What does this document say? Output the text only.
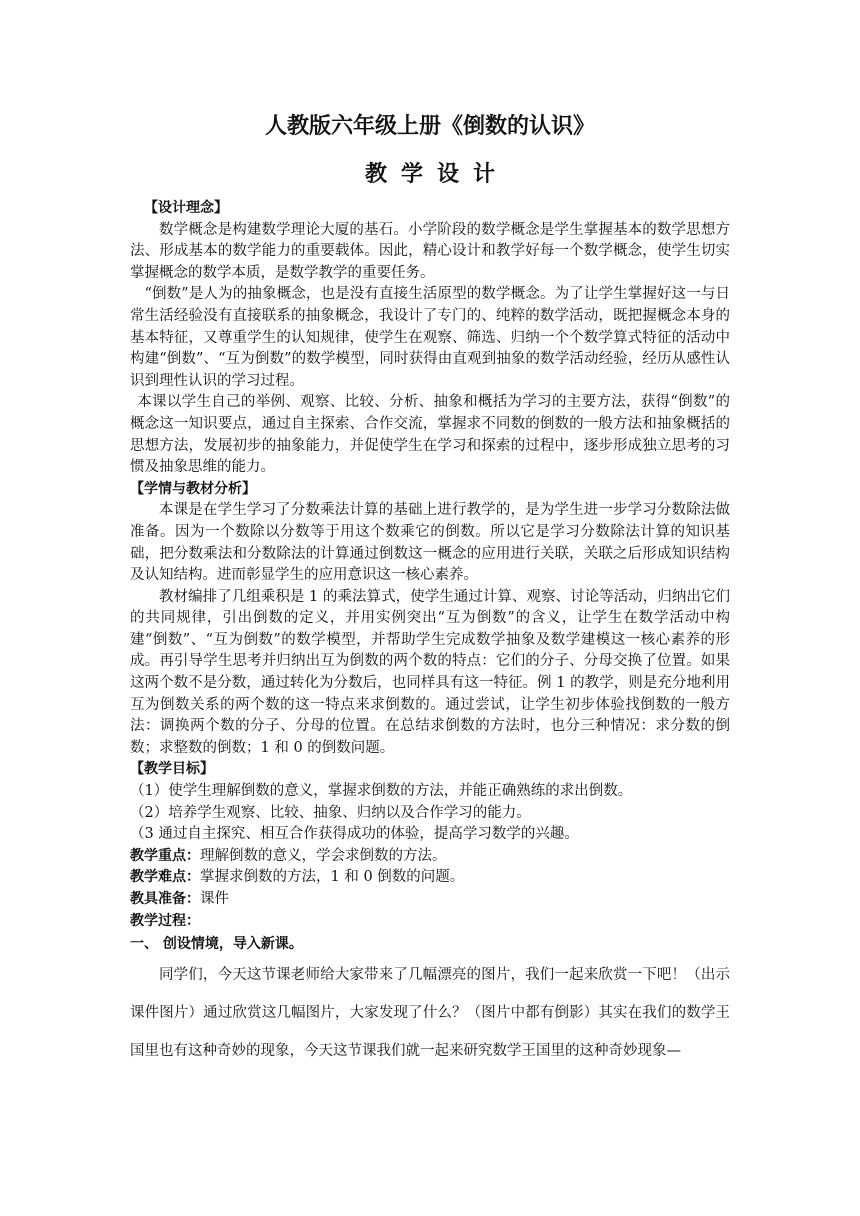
人教版六年级上册《倒数的认识》
教学设计

【设计理念】

数学概念是构建数学理论大厦的基石。小学阶段的数学概念是学生掌握基本的数学思想方法、形成基本的数学能力的重要载体。因此，精心设计和教学好每一个数学概念，使学生切实掌握概念的数学本质，是数学教学的重要任务。

“倒数”是人为的抽象概念，也是没有直接生活原型的数学概念。为了让学生掌握好这一与日常生活经验没有直接联系的抽象概念，我设计了专门的、纯粹的数学活动，既把握概念本身的基本特征，又尊重学生的认知规律，使学生在观察、筛选、归纳一个个数学算式特征的活动中构建“倒数”、“互为倒数”的数学模型，同时获得由直观到抽象的数学活动经验，经历从感性认识到理性认识的学习过程。

本课以学生自己的举例、观察、比较、分析、抽象和概括为学习的主要方法，获得“倒数”的概念这一知识要点，通过自主探索、合作交流，掌握求不同数的倒数的一般方法和抽象概括的思想方法，发展初步的抽象能力，并促使学生在学习和探索的过程中，逐步形成独立思考的习惯及抽象思维的能力。

【学情与教材分析】

本课是在学生学习了分数乘法计算的基础上进行教学的，是为学生进一步学习分数除法做准备。因为一个数除以分数等于用这个数乘它的倒数。所以它是学习分数除法计算的知识基础，把分数乘法和分数除法的计算通过倒数这一概念的应用进行关联，关联之后形成知识结构及认知结构。进而彰显学生的应用意识这一核心素养。

教材编排了几组乘积是 1 的乘法算式，使学生通过计算、观察、讨论等活动，归纳出它们的共同规律，引出倒数的定义，并用实例突出“互为倒数”的含义，让学生在数学活动中构建“倒数”、“互为倒数”的数学模型，并帮助学生完成数学抽象及数学建模这一核心素养的形成。再引导学生思考并归纳出互为倒数的两个数的特点：它们的分子、分母交换了位置。如果这两个数不是分数，通过转化为分数后，也同样具有这一特征。例 1 的教学，则是充分地利用互为倒数关系的两个数的这一特点来求倒数的。通过尝试，让学生初步体验找倒数的一般方法：调换两个数的分子、分母的位置。在总结求倒数的方法时，也分三种情况：求分数的倒数；求整数的倒数；1 和 0 的倒数问题。

【教学目标】

（1）使学生理解倒数的意义，掌握求倒数的方法，并能正确熟练的求出倒数。

（2）培养学生观察、比较、抽象、归纳以及合作学习的能力。

（3 通过自主探究、相互合作获得成功的体验，提高学习数学的兴趣。

教学重点：理解倒数的意义，学会求倒数的方法。

教学难点：掌握求倒数的方法，1 和 0 倒数的问题。

教具准备：课件

教学过程：

一、 创设情境，导入新课。

同学们，今天这节课老师给大家带来了几幅漂亮的图片，我们一起来欣赏一下吧！（出示课件图片）通过欣赏这几幅图片，大家发现了什么？（图片中都有倒影）其实在我们的数学王国里也有这种奇妙的现象，今天这节课我们就一起来研究数学王国里的这种奇妙现象—
